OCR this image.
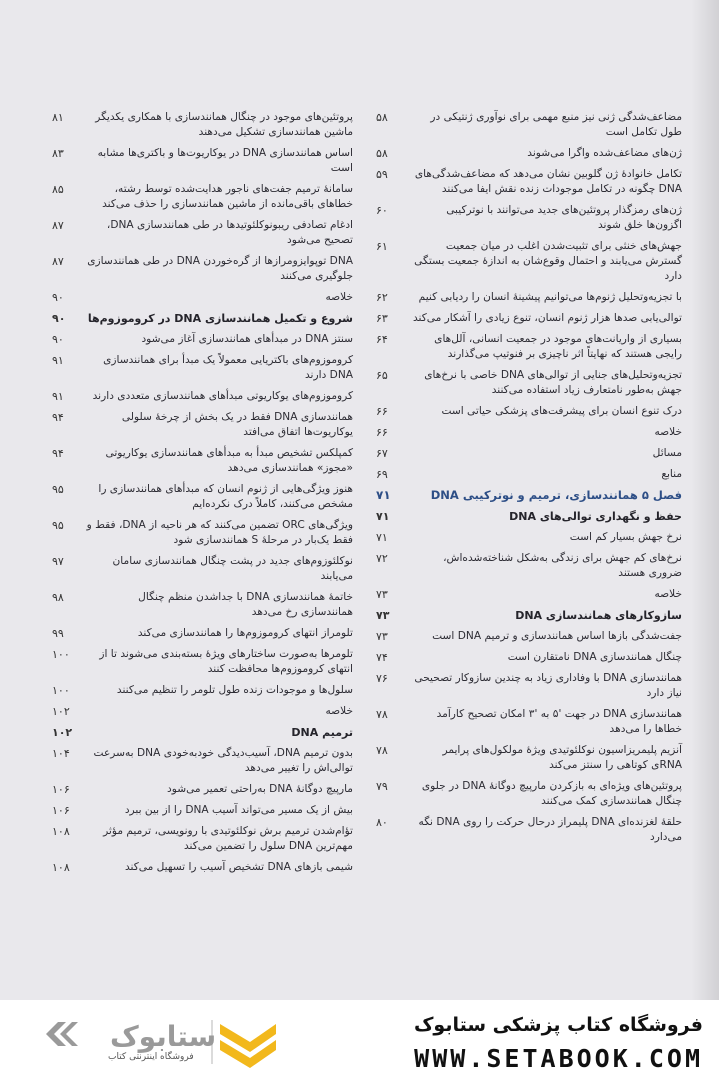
مضاعف‌شدگی ژنی نیز منبع مهمی برای نوآوری ژنتیکی در طول تکامل است
۵۸
ژن‌های مضاعف‌شده واگرا می‌شوند
۵۸
تکامل خانوادۀ ژن گلوبین نشان می‌دهد که مضاعف‌شدگی‌های DNA چگونه در تکامل موجودات زنده نقش ایفا می‌کنند
۵۹
ژن‌های رمزگذار پروتئین‌های جدید می‌توانند با نوترکیبی اگزون‌ها خلق شوند
۶۰
جهش‌های خنثی برای تثبیت‌شدن اغلب در میان جمعیت گسترش می‌یابند و احتمال وقوع‌شان به اندازۀ جمعیت بستگی دارد
۶۱
با تجزیه‌وتحلیل ژنوم‌ها می‌توانیم پیشینۀ انسان را ردیابی کنیم
۶۲
توالی‌یابی صدها هزار ژنوم انسان، تنوع زیادی را آشکار می‌کند
۶۳
بسیاری از واریانت‌های موجود در جمعیت انسانی، آلل‌های رایجی هستند که نهایتاً اثر ناچیزی بر فنوتیپ می‌گذارند
۶۴
تجزیه‌وتحلیل‌های جنایی از توالی‌های DNA خاصی با نرخ‌های جهش به‌طور نامتعارف زیاد استفاده می‌کنند
۶۵
درک تنوع انسان برای پیشرفت‌های پزشکی حیاتی است
۶۶
خلاصه
۶۶
مسائل
۶۷
منابع
۶۹
فصل ۵ همانندسازی، ترمیم و نوترکیبی DNA
۷۱
حفظ و نگهداری توالی‌های DNA
۷۱
نرخ جهش بسیار کم است
۷۱
نرخ‌های کم جهش برای زندگی به‌شکل شناخته‌شده‌اش، ضروری هستند
۷۲
خلاصه
۷۳
سازوکارهای همانندسازی DNA
۷۳
جفت‌شدگی بازها اساس همانندسازی و ترمیم DNA است
۷۳
چنگال همانندسازی DNA نامتقارن است
۷۴
همانندسازی DNA با وفاداری زیاد به چندین سازوکار تصحیحی نیاز دارد
۷۶
همانندسازی DNA در جهت '۵ به '۳ امکان تصحیح کارآمد خطاها را می‌دهد
۷۸
آنزیم پلیمریزاسیون نوکلئوتیدی ویژۀ مولکول‌های پرایمر RNAی کوتاهی را سنتز می‌کند
۷۸
پروتئین‌های ویژه‌ای به بازکردن مارپیچ دوگانۀ DNA در جلوی چنگال همانندسازی کمک می‌کنند
۷۹
حلقۀ لغزنده‌ای DNA پلیمراز درحال حرکت را روی DNA نگه می‌دارد
۸۰
پروتئین‌های موجود در چنگال همانندسازی با همکاری یکدیگر ماشین همانندسازی تشکیل می‌دهند
۸۱
اساس همانندسازی DNA در یوکاریوت‌ها و باکتری‌ها مشابه است
۸۳
سامانۀ ترمیم جفت‌های ناجور هدایت‌شده توسط رشته، خطاهای باقی‌مانده از ماشین همانندسازی را حذف می‌کند
۸۵
ادغام تصادفی ریبونوکلئوتیدها در طی همانندسازی DNA، تصحیح می‌شود
۸۷
DNA توپوایزومرازها از گره‌خوردن DNA در طی همانندسازی جلوگیری می‌کنند
۸۷
خلاصه
۹۰
شروع و تکمیل همانندسازی DNA در کروموزوم‌ها
۹۰
سنتز DNA در مبدأهای همانندسازی آغاز می‌شود
۹۰
کروموزوم‌های باکتریایی معمولاً یک مبدأ برای همانندسازی DNA دارند
۹۱
کروموزوم‌های یوکاریوتی مبدأهای همانندسازی متعددی دارند
۹۱
همانندسازی DNA فقط در یک بخش از چرخۀ سلولی یوکاریوت‌ها اتفاق می‌افتد
۹۴
کمپلکس تشخیص مبدأ به مبدأهای همانندسازی یوکاریوتی «مجوز» همانندسازی می‌دهد
۹۴
هنوز ویژگی‌هایی از ژنوم انسان که مبدأهای همانندسازی را مشخص می‌کنند، کاملاً درک نکرده‌ایم
۹۵
ویژگی‌های ORC تضمین می‌کنند که هر ناحیه از DNA، فقط و فقط یک‌بار در مرحلۀ S همانندسازی شود
۹۵
نوکلئوزوم‌های جدید در پشت چنگال همانندسازی سامان می‌یابند
۹۷
خاتمۀ همانندسازی DNA با جداشدن منظم چنگال همانندسازی رخ می‌دهد
۹۸
تلومراز انتهای کروموزوم‌ها را همانندسازی می‌کند
۹۹
تلومرها به‌صورت ساختارهای ویژۀ بسته‌بندی می‌شوند تا از انتهای کروموزوم‌ها محافظت کنند
۱۰۰
سلول‌ها و موجودات زنده طول تلومر را تنظیم می‌کنند
۱۰۰
خلاصه
۱۰۲
ترمیم DNA
۱۰۲
بدون ترمیم DNA، آسیب‌دیدگی خودبه‌خودی DNA به‌سرعت توالی‌اش را تغییر می‌دهد
۱۰۴
مارپیچ دوگانۀ DNA به‌راحتی تعمیر می‌شود
۱۰۶
بیش از یک مسیر می‌تواند آسیب DNA را از بین ببرد
۱۰۶
تؤام‌شدن ترمیم برش نوکلئوتیدی با رونویسی، ترمیم مؤثر مهم‌ترین DNA سلول را تضمین می‌کند
۱۰۸
شیمی بازهای DNA تشخیص آسیب را تسهیل می‌کند
۱۰۸
فروشگاه کتاب پزشکی ستابوک
WWW.SETABOOK.COM
ستابوک
فروشگاه اینترنتی کتاب
